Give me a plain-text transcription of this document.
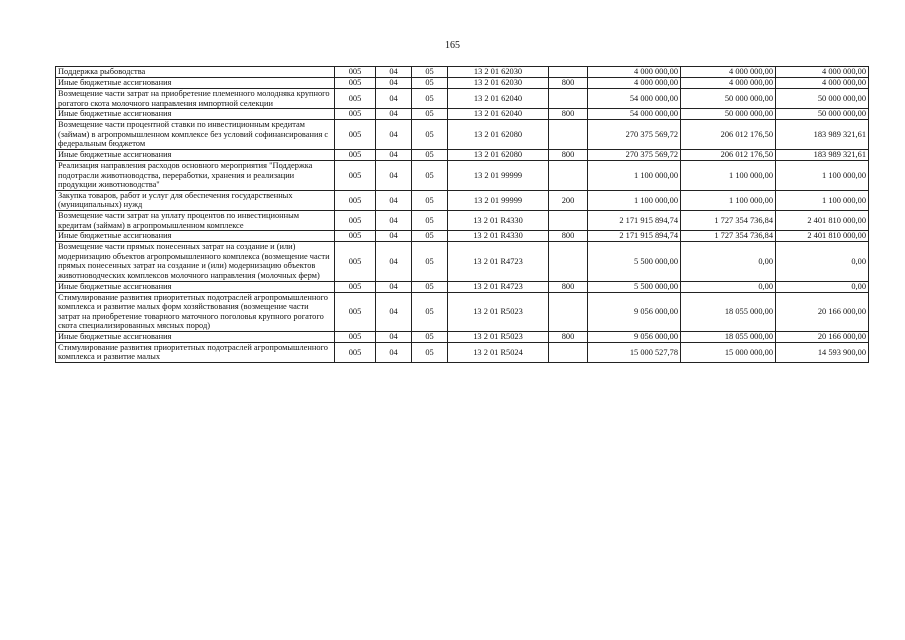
165
Поддержка рыбоводства	005	04	05	13 2 01 62030		4 000 000,00	4 000 000,00	4 000 000,00
Иные бюджетные ассигнования	005	04	05	13 2 01 62030	800	4 000 000,00	4 000 000,00	4 000 000,00
Возмещение части затрат на приобретение племенного молодняка крупного рогатого скота молочного направления импортной селекции	005	04	05	13 2 01 62040		54 000 000,00	50 000 000,00	50 000 000,00
Иные бюджетные ассигнования	005	04	05	13 2 01 62040	800	54 000 000,00	50 000 000,00	50 000 000,00
Возмещение части процентной ставки по инвестиционным кредитам (займам) в агропромышленном комплексе без условий софинансирования с федеральным бюджетом	005	04	05	13 2 01 62080		270 375 569,72	206 012 176,50	183 989 321,61
Иные бюджетные ассигнования	005	04	05	13 2 01 62080	800	270 375 569,72	206 012 176,50	183 989 321,61
Реализация направления расходов основного мероприятия "Поддержка подотрасли животноводства, переработки, хранения и реализации продукции животноводства"	005	04	05	13 2 01 99999		1 100 000,00	1 100 000,00	1 100 000,00
Закупка товаров, работ и услуг для обеспечения государственных (муниципальных) нужд	005	04	05	13 2 01 99999	200	1 100 000,00	1 100 000,00	1 100 000,00
Возмещение части затрат на уплату процентов по инвестиционным кредитам (займам) в агропромышленном комплексе	005	04	05	13 2 01 R4330		2 171 915 894,74	1 727 354 736,84	2 401 810 000,00
Иные бюджетные ассигнования	005	04	05	13 2 01 R4330	800	2 171 915 894,74	1 727 354 736,84	2 401 810 000,00
Возмещение части прямых понесенных затрат на создание и (или) модернизацию объектов агропромышленного комплекса (возмещение части прямых понесенных затрат на создание и (или) модернизацию объектов животноводческих комплексов молочного направления (молочных ферм)	005	04	05	13 2 01 R4723		5 500 000,00	0,00	0,00
Иные бюджетные ассигнования	005	04	05	13 2 01 R4723	800	5 500 000,00	0,00	0,00
Стимулирование развития приоритетных подотраслей агропромышленного комплекса и развитие малых форм хозяйствования (возмещение части затрат на приобретение товарного маточного поголовья крупного рогатого скота специализированных мясных пород)	005	04	05	13 2 01 R5023		9 056 000,00	18 055 000,00	20 166 000,00
Иные бюджетные ассигнования	005	04	05	13 2 01 R5023	800	9 056 000,00	18 055 000,00	20 166 000,00
Стимулирование развития приоритетных подотраслей агропромышленного комплекса и развитие малых	005	04	05	13 2 01 R5024		15 000 527,78	15 000 000,00	14 593 900,00
